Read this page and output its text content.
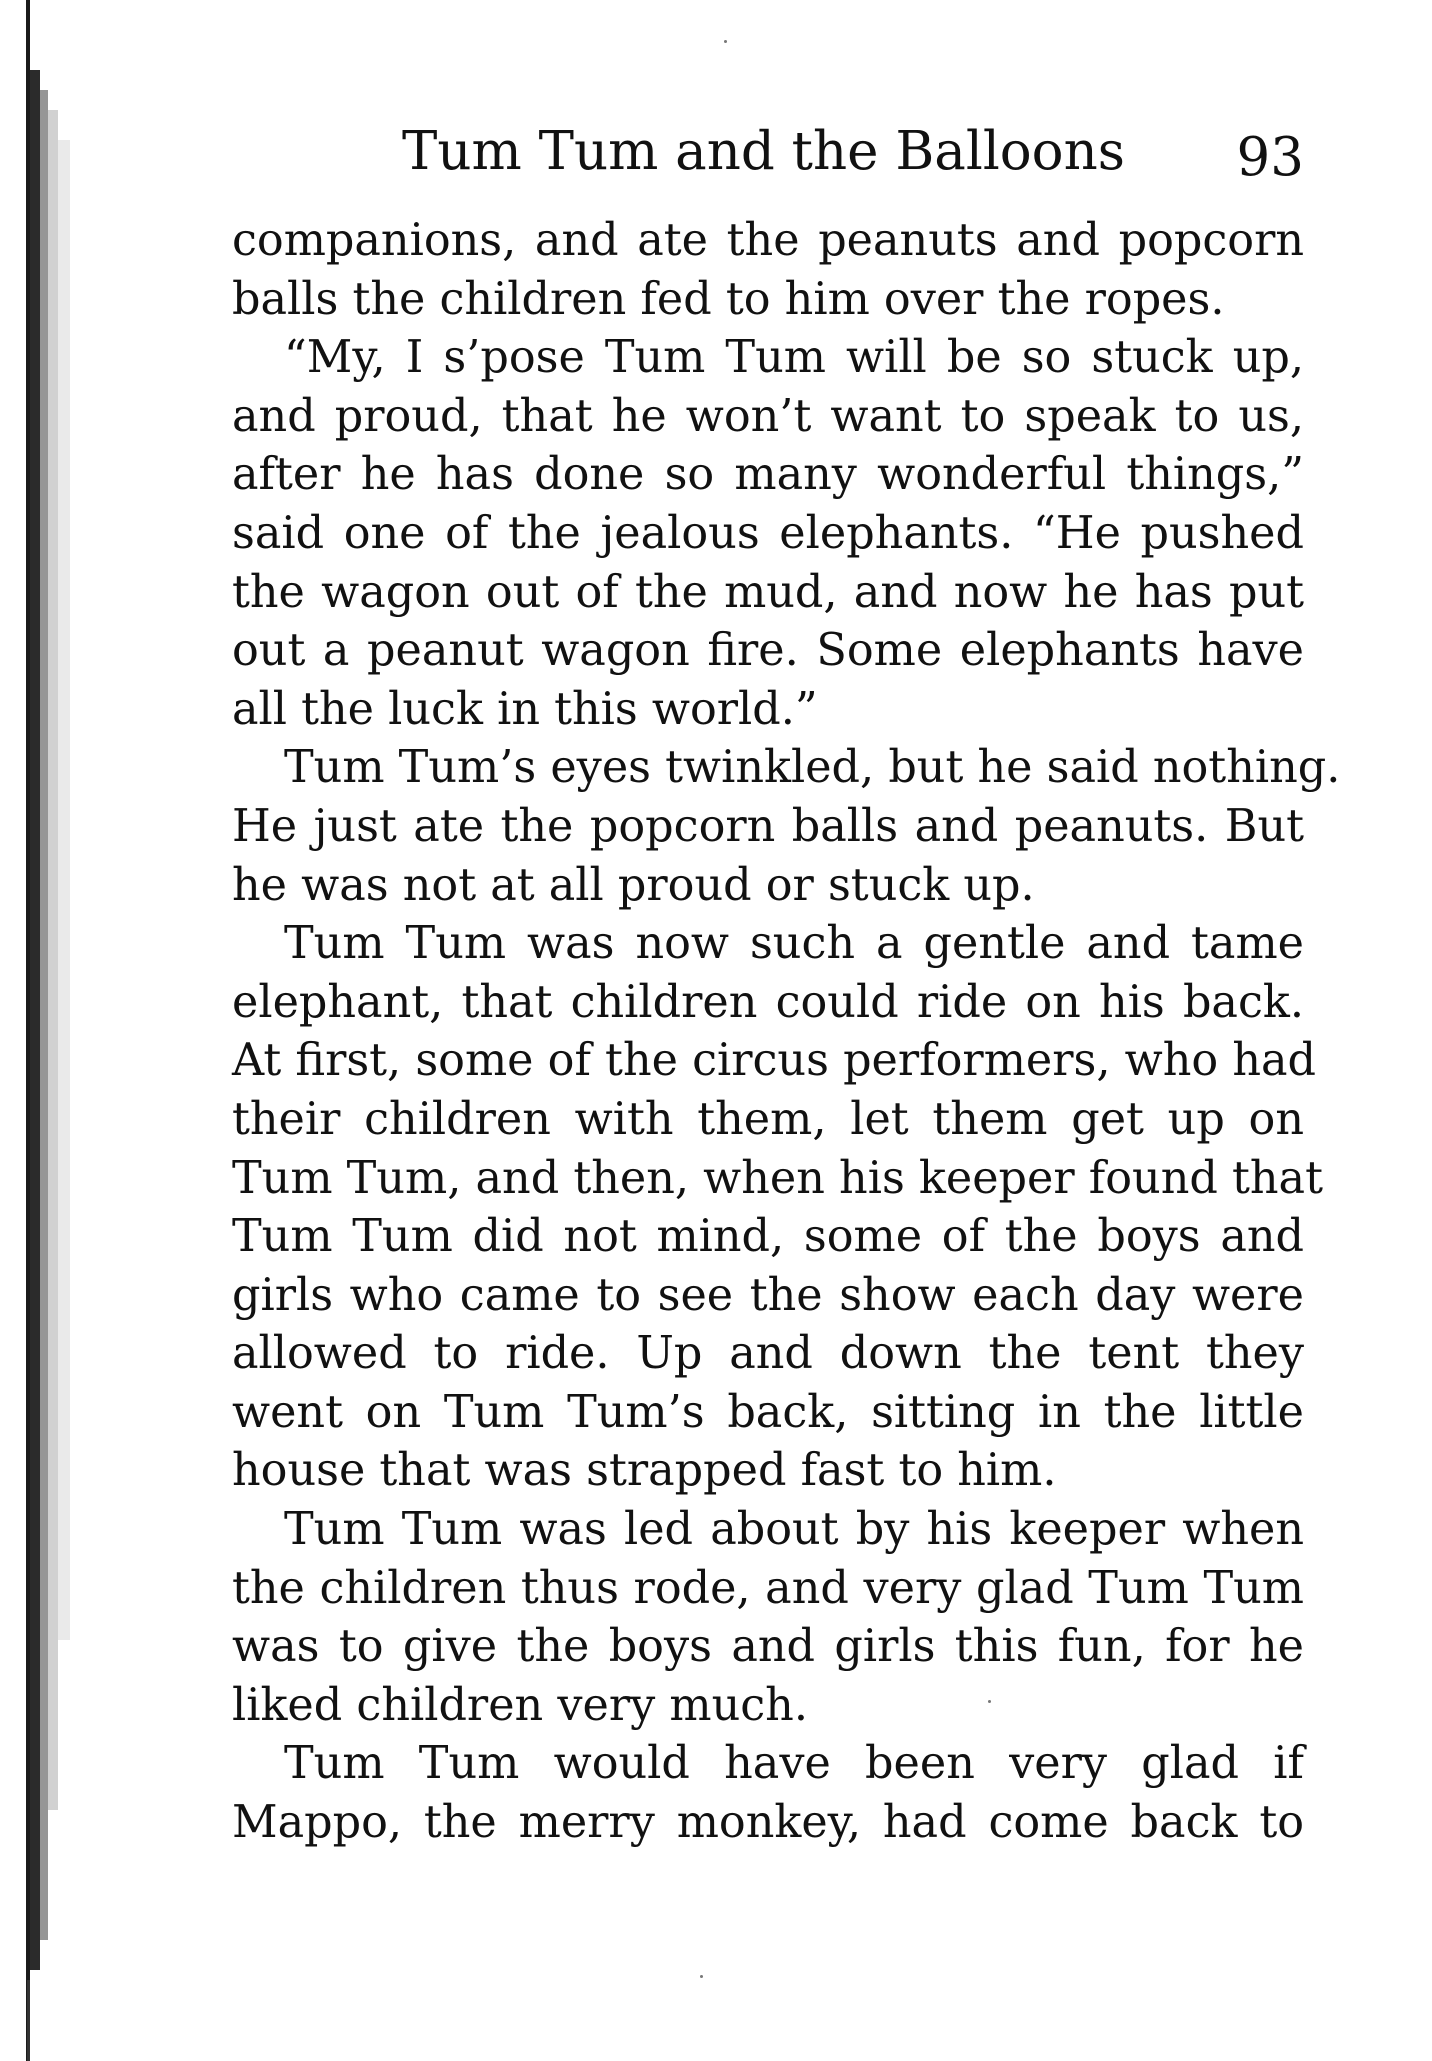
Tum Tum and the Balloons 93
companions, and ate the peanuts and popcorn
balls the children fed to him over the ropes.
“My, I s’pose Tum Tum will be so stuck up,
and proud, that he won’t want to speak to us,
after he has done so many wonderful things,”
said one of the jealous elephants. “He pushed
the wagon out of the mud, and now he has put
out a peanut wagon fire. Some elephants have
all the luck in this world.”
Tum Tum’s eyes twinkled, but he said nothing.
He just ate the popcorn balls and peanuts. But
he was not at all proud or stuck up.
Tum Tum was now such a gentle and tame
elephant, that children could ride on his back.
At first, some of the circus performers, who had
their children with them, let them get up on
Tum Tum, and then, when his keeper found that
Tum Tum did not mind, some of the boys and
girls who came to see the show each day were
allowed to ride. Up and down the tent they
went on Tum Tum’s back, sitting in the little
house that was strapped fast to him.
Tum Tum was led about by his keeper when
the children thus rode, and very glad Tum Tum
was to give the boys and girls this fun, for he
liked children very much.
Tum Tum would have been very glad if
Mappo, the merry monkey, had come back to
